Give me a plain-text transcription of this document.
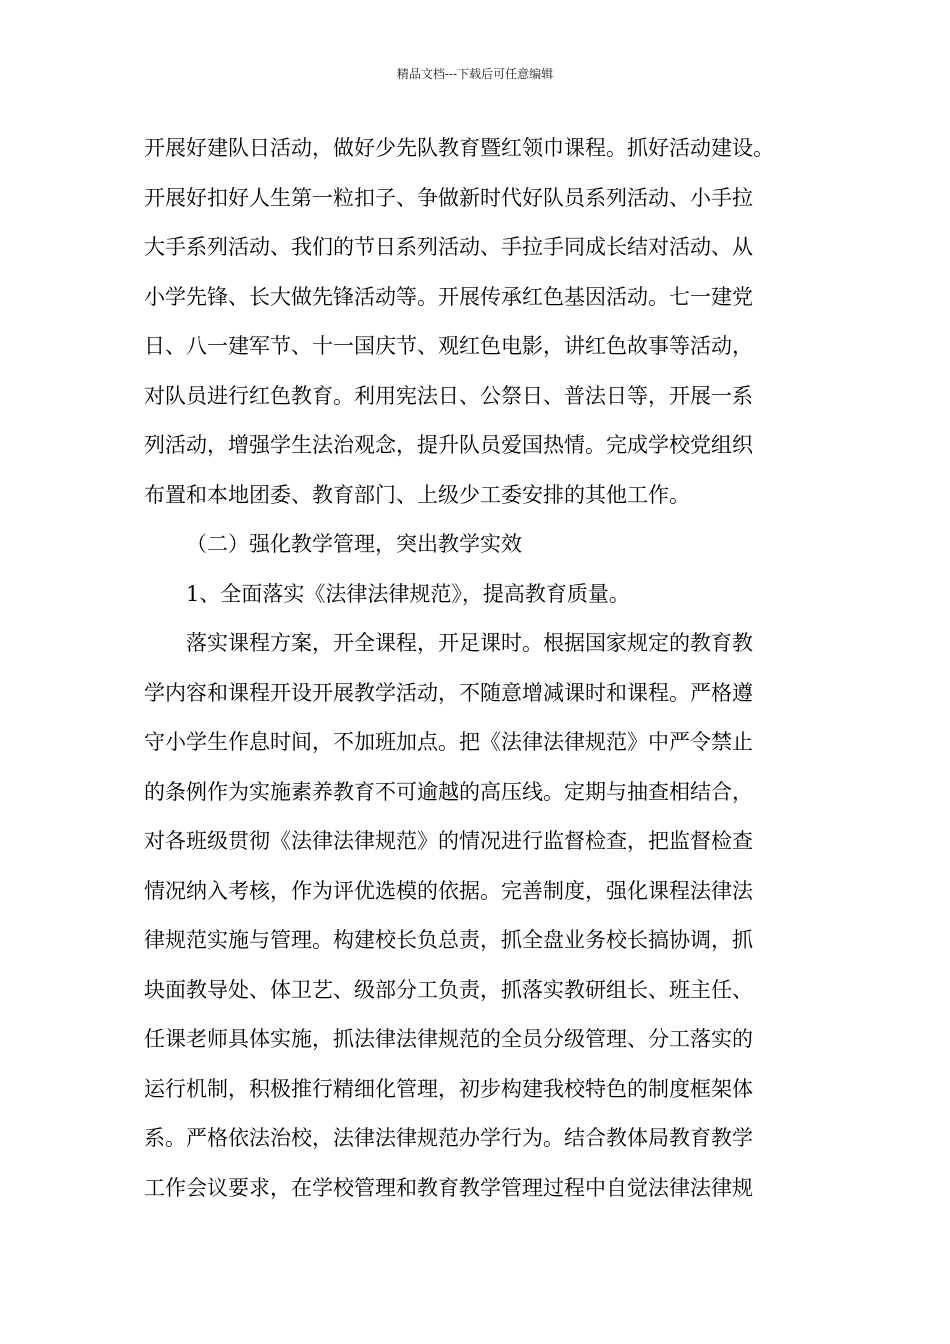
精品文档---下载后可任意编辑
开展好建队日活动，做好少先队教育暨红领巾课程。抓好活动建设。
开展好扣好人生第一粒扣子、争做新时代好队员系列活动、小手拉
大手系列活动、我们的节日系列活动、手拉手同成长结对活动、从
小学先锋、长大做先锋活动等。开展传承红色基因活动。七一建党
日、八一建军节、十一国庆节、观红色电影，讲红色故事等活动，
对队员进行红色教育。利用宪法日、公祭日、普法日等，开展一系
列活动，增强学生法治观念，提升队员爱国热情。完成学校党组织
布置和本地团委、教育部门、上级少工委安排的其他工作。
（二）强化教学管理，突出教学实效
1、全面落实《法律法律规范》，提高教育质量。
落实课程方案，开全课程，开足课时。根据国家规定的教育教
学内容和课程开设开展教学活动，不随意增减课时和课程。严格遵
守小学生作息时间，不加班加点。把《法律法律规范》中严令禁止
的条例作为实施素养教育不可逾越的高压线。定期与抽查相结合，
对各班级贯彻《法律法律规范》的情况进行监督检查，把监督检查
情况纳入考核，作为评优选模的依据。完善制度，强化课程法律法
律规范实施与管理。构建校长负总责，抓全盘业务校长搞协调，抓
块面教导处、体卫艺、级部分工负责，抓落实教研组长、班主任、
任课老师具体实施，抓法律法律规范的全员分级管理、分工落实的
运行机制，积极推行精细化管理，初步构建我校特色的制度框架体
系。严格依法治校，法律法律规范办学行为。结合教体局教育教学
工作会议要求，在学校管理和教育教学管理过程中自觉法律法律规
